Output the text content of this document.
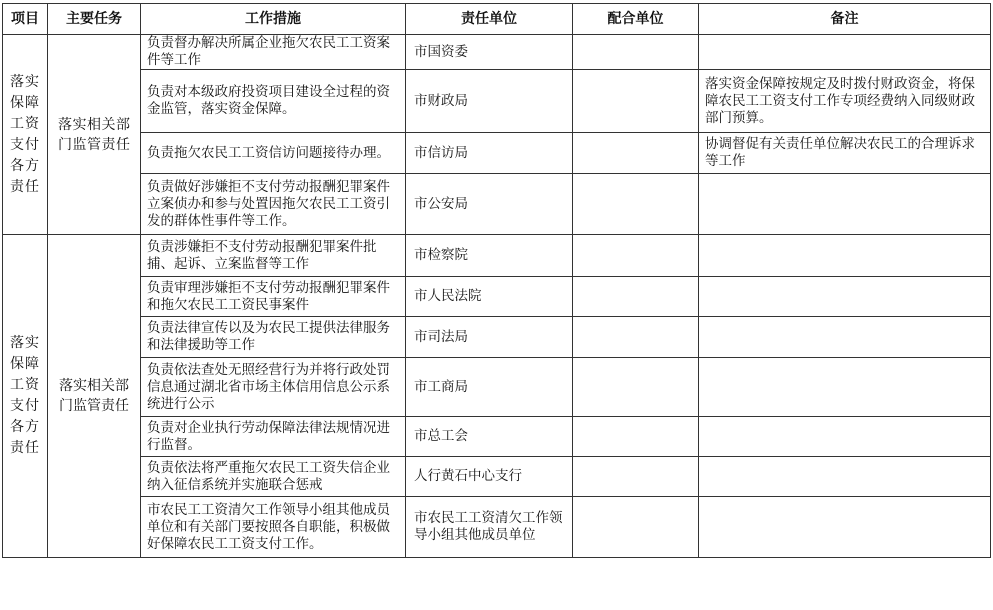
项目	主要任务	工作措施	责任单位	配合单位	备注
落实保障工资支付各方责任	落实相关部门监管责任	负责督办解决所属企业拖欠农民工工资案件等工作	市国资委		
		负责对本级政府投资项目建设全过程的资金监管，落实资金保障。	市财政局		落实资金保障按规定及时拨付财政资金，将保障农民工工资支付工作专项经费纳入同级财政部门预算。
		负责拖欠农民工工资信访问题接待办理。	市信访局		协调督促有关责任单位解决农民工的合理诉求等工作
		负责做好涉嫌拒不支付劳动报酬犯罪案件立案侦办和参与处置因拖欠农民工工资引发的群体性事件等工作。	市公安局		
落实保障工资支付各方责任	落实相关部门监管责任	负责涉嫌拒不支付劳动报酬犯罪案件批捕、起诉、立案监督等工作	市检察院		
		负责审理涉嫌拒不支付劳动报酬犯罪案件和拖欠农民工工资民事案件	市人民法院		
		负责法律宣传以及为农民工提供法律服务和法律援助等工作	市司法局		
		负责依法查处无照经营行为并将行政处罚信息通过湖北省市场主体信用信息公示系统进行公示	市工商局		
		负责对企业执行劳动保障法律法规情况进行监督。	市总工会		
		负责依法将严重拖欠农民工工资失信企业纳入征信系统并实施联合惩戒	人行黄石中心支行		
		市农民工工资清欠工作领导小组其他成员单位和有关部门要按照各自职能，积极做好保障农民工工资支付工作。	市农民工工资清欠工作领导小组其他成员单位		
